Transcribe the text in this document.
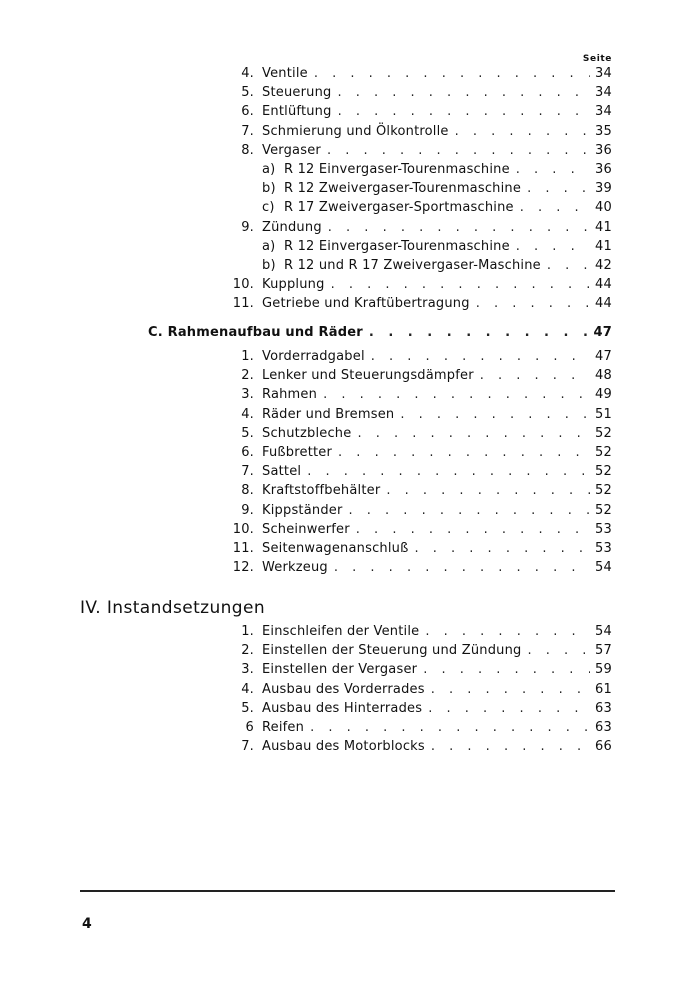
Seite
4. Ventile . . .	34
5. Steuerung . . .	34
6. Entlüftung . . .	34
7. Schmierung und Ölkontrolle . . .	35
8. Vergaser . . .	36
a) R 12 Einvergaser-Tourenmaschine . . .	36
b) R 12 Zweivergaser-Tourenmaschine . . .	39
c) R 17 Zweivergaser-Sportmaschine . . .	40
9. Zündung . . .	41
a) R 12 Einvergaser-Tourenmaschine . . .	41
b) R 12 und R 17 Zweivergaser-Maschine . . .	42
10. Kupplung . . .	44
11. Getriebe und Kraftübertragung . . .	44
C. Rahmenaufbau und Räder . . .	47
1. Vorderradgabel . . .	47
2. Lenker und Steuerungsdämpfer . . .	48
3. Rahmen . . .	49
4. Räder und Bremsen . . .	51
5. Schutzbleche . . .	52
6. Fußbretter . . .	52
7. Sattel . . .	52
8. Kraftstoffbehälter . . .	52
9. Kippständer . . .	52
10. Scheinwerfer . . .	53
11. Seitenwagenanschluß . . .	53
12. Werkzeug . . .	54
1. Einschleifen der Ventile . . .	54
2. Einstellen der Steuerung und Zündung . . .	57
3. Einstellen der Vergaser . . .	59
4. Ausbau des Vorderrades . . .	61
5. Ausbau des Hinterrades . . .	63
6 Reifen . . .	63
7. Ausbau des Motorblocks . . .	66
IV. Instandsetzungen
4
